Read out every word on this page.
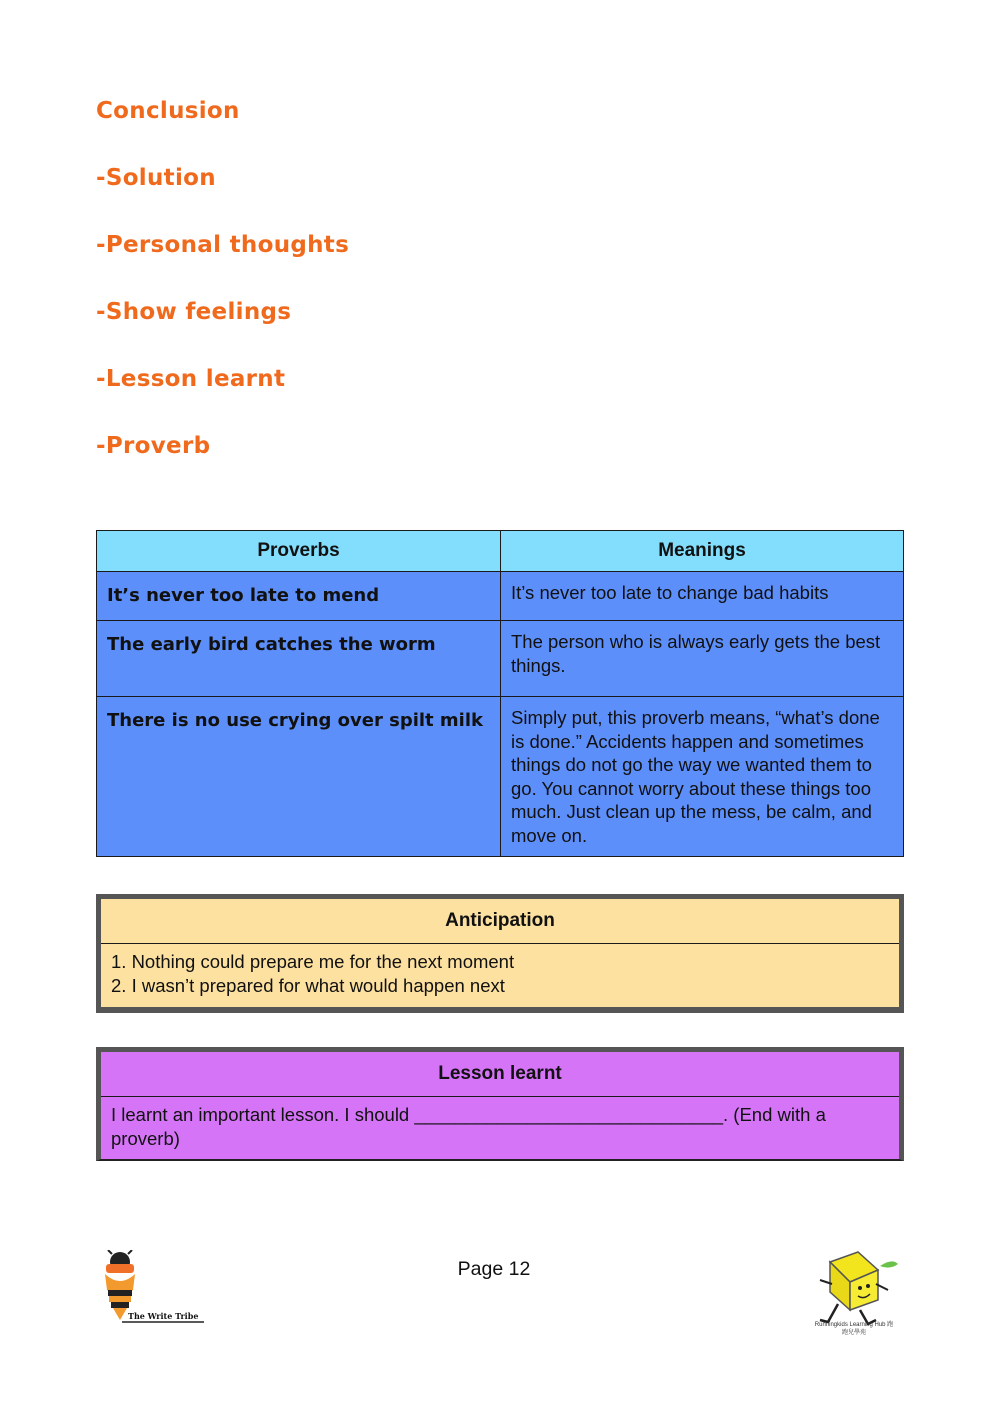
Conclusion
-Solution
-Personal thoughts
-Show feelings
-Lesson learnt
-Proverb
Proverbs	Meanings
It’s never too late to mend	It’s never too late to change bad habits
The early bird catches the worm	The person who is always early gets the best things.
There is no use crying over spilt milk	Simply put, this proverb means, “what’s done is done.” Accidents happen and sometimes things do not go the way we wanted them to go. You cannot worry about these things too much. Just clean up the mess, be calm, and move on.
Anticipation
1. Nothing could prepare me for the next moment
2. I wasn’t prepared for what would happen next
Lesson learnt
I learnt an important lesson. I should ______________________________. (End with a proverb)
Page 12
The Write Tribe
Runningkids Learning Hub 跑跑兒學苑
